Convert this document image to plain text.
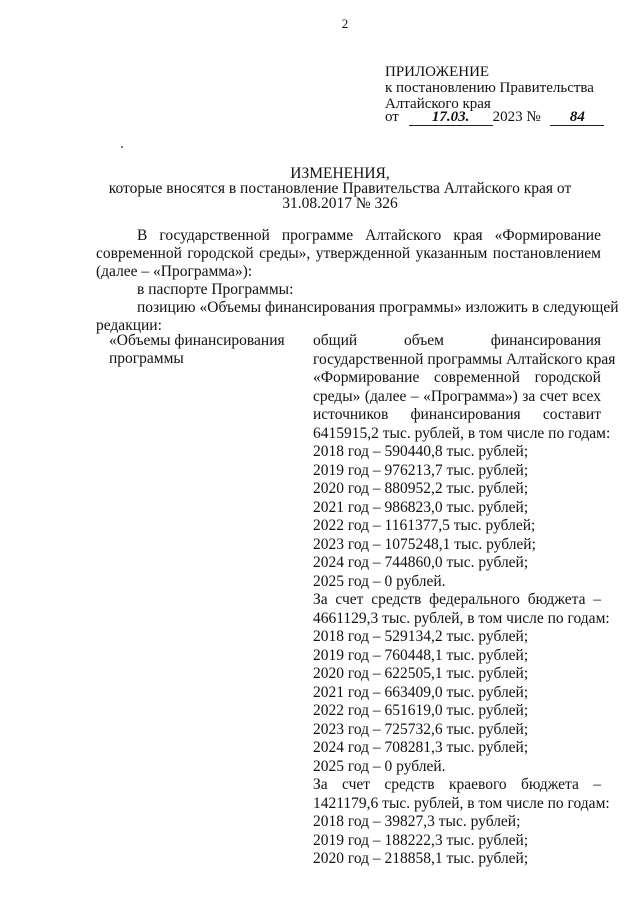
2
ПРИЛОЖЕНИЕ
к постановлению Правительства
Алтайского края
от 17.03. 2023 № 84
ИЗМЕНЕНИЯ,
которые вносятся в постановление Правительства Алтайского края от
31.08.2017 № 326
В государственной программе Алтайского края «Формирование
современной городской среды», утвержденной указанным постановлением
(далее – «Программа»):
в паспорте Программы:
позицию «Объемы финансирования программы» изложить в следующей
редакции:
«Объемы финансирования
программы
общий	объем	финансирования
государственной программы Алтайского края
«Формирование современной городской
среды» (далее – «Программа») за счет всех
источников финансирования составит
6415915,2 тыс. рублей, в том числе по годам:
2018 год – 590440,8 тыс. рублей;
2019 год – 976213,7 тыс. рублей;
2020 год – 880952,2 тыс. рублей;
2021 год – 986823,0 тыс. рублей;
2022 год – 1161377,5 тыс. рублей;
2023 год – 1075248,1 тыс. рублей;
2024 год – 744860,0 тыс. рублей;
2025 год – 0 рублей.
За счет средств федерального бюджета –
4661129,3 тыс. рублей, в том числе по годам:
2018 год – 529134,2 тыс. рублей;
2019 год – 760448,1 тыс. рублей;
2020 год – 622505,1 тыс. рублей;
2021 год – 663409,0 тыс. рублей;
2022 год – 651619,0 тыс. рублей;
2023 год – 725732,6 тыс. рублей;
2024 год – 708281,3 тыс. рублей;
2025 год – 0 рублей.
За счет средств краевого бюджета –
1421179,6 тыс. рублей, в том числе по годам:
2018 год – 39827,3 тыс. рублей;
2019 год – 188222,3 тыс. рублей;
2020 год – 218858,1 тыс. рублей;
